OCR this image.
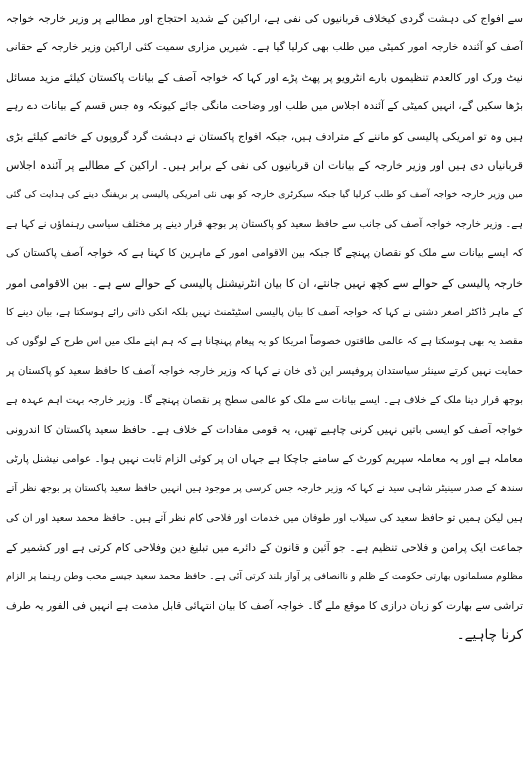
سے افواج کی دہشت گردی کیخلاف قربانیوں کی نفی ہے، اراکین کے شدید احتجاج اور مطالبے پر وزیر خارجہ خواجہ
آصف کو آئندہ خارجہ امور کمیٹی میں طلب بھی کرلیا گیا ہے۔ شیریں مزاری سمیت کئی اراکین وزیر خارجہ کے حقانی
نیٹ ورک اور کالعدم تنظیموں بارے انٹرویو پر پھٹ پڑے اور کہا کہ خواجہ آصف کے بیانات پاکستان کیلئے مزید مسائل
بڑھا سکیں گے، انہیں کمیٹی کے آئندہ اجلاس میں طلب اور وضاحت مانگی جائے کیونکہ وہ جس قسم کے بیانات دے رہے
ہیں وہ تو امریکی پالیسی کو ماننے کے مترادف ہیں، جبکہ افواج پاکستان نے دہشت گرد گروپوں کے خاتمے کیلئے بڑی
قربانیاں دی ہیں اور وزیر خارجہ کے بیانات ان قربانیوں کی نفی کے برابر ہیں۔ اراکین کے مطالبے پر آئندہ اجلاس
میں وزیر خارجہ خواجہ آصف کو طلب کرلیا گیا جبکہ سیکرٹری خارجہ کو بھی نئی امریکی پالیسی پر بریفنگ دینے کی ہدایت کی گئی
ہے۔ وزیر خارجہ خواجہ آصف کی جانب سے حافظ سعید کو پاکستان پر بوجھ قرار دینے پر مختلف سیاسی رہنماؤں نے کہا ہے
کہ ایسے بیانات سے ملک کو نقصان پہنچے گا جبکہ بین الاقوامی امور کے ماہرین کا کہنا ہے کہ خواجہ آصف پاکستان کی
خارجہ پالیسی کے حوالے سے کچھ نہیں جانتے، ان کا بیان انٹرنیشنل پالیسی کے حوالے سے ہے۔ بین الاقوامی امور
کے ماہر ڈاکٹر اصغر دشتی نے کہا کہ خواجہ آصف کا بیان پالیسی اسٹیٹمنٹ نہیں بلکہ انکی ذاتی رائے ہوسکتا ہے، بیان دینے کا
مقصد یہ بھی ہوسکتا ہے کہ عالمی طاقتوں خصوصاً امریکا کو یہ پیغام پہنچانا ہے کہ ہم اپنے ملک میں اس طرح کے لوگوں کی
حمایت نہیں کرتے سینئر سیاستدان پروفیسر این ڈی خان نے کہا کہ وزیر خارجہ خواجہ آصف کا حافظ سعید کو پاکستان پر
بوجھ قرار دینا ملک کے خلاف ہے۔ ایسے بیانات سے ملک کو عالمی سطح پر نقصان پہنچے گا۔ وزیر خارجہ بہت اہم عہدہ ہے
خواجہ آصف کو ایسی باتیں نہیں کرنی چاہیے تھیں، یہ قومی مفادات کے خلاف ہے۔ حافظ سعید پاکستان کا اندرونی
معاملہ ہے اور یہ معاملہ سپریم کورٹ کے سامنے جاچکا ہے جہاں ان پر کوئی الزام ثابت نہیں ہوا۔ عوامی نیشنل پارٹی
سندھ کے صدر سینیٹر شاہی سید نے کہا کہ وزیر خارجہ جس کرسی پر موجود ہیں انہیں حافظ سعید پاکستان پر بوجھ نظر آتے
ہیں لیکن ہمیں تو حافظ سعید کی سیلاب اور طوفان میں خدمات اور فلاحی کام نظر آتے ہیں۔ حافظ محمد سعید اور ان کی
جماعت ایک پرامن و فلاحی تنظیم ہے۔ جو آئین و قانون کے دائرے میں تبلیغ دین وفلاحی کام کرتی ہے اور کشمیر کے
مظلوم مسلمانوں بھارتی حکومت کے ظلم و ناانصافی پر آواز بلند کرتی آئی ہے۔ حافظ محمد سعید جیسے محب وطن رہنما پر الزام
تراشی سے بھارت کو زبان درازی کا موقع ملے گا۔ خواجہ آصف کا بیان انتہائی قابل مذمت ہے انہیں فی الفور یہ طرف
کرنا چاہیے۔
